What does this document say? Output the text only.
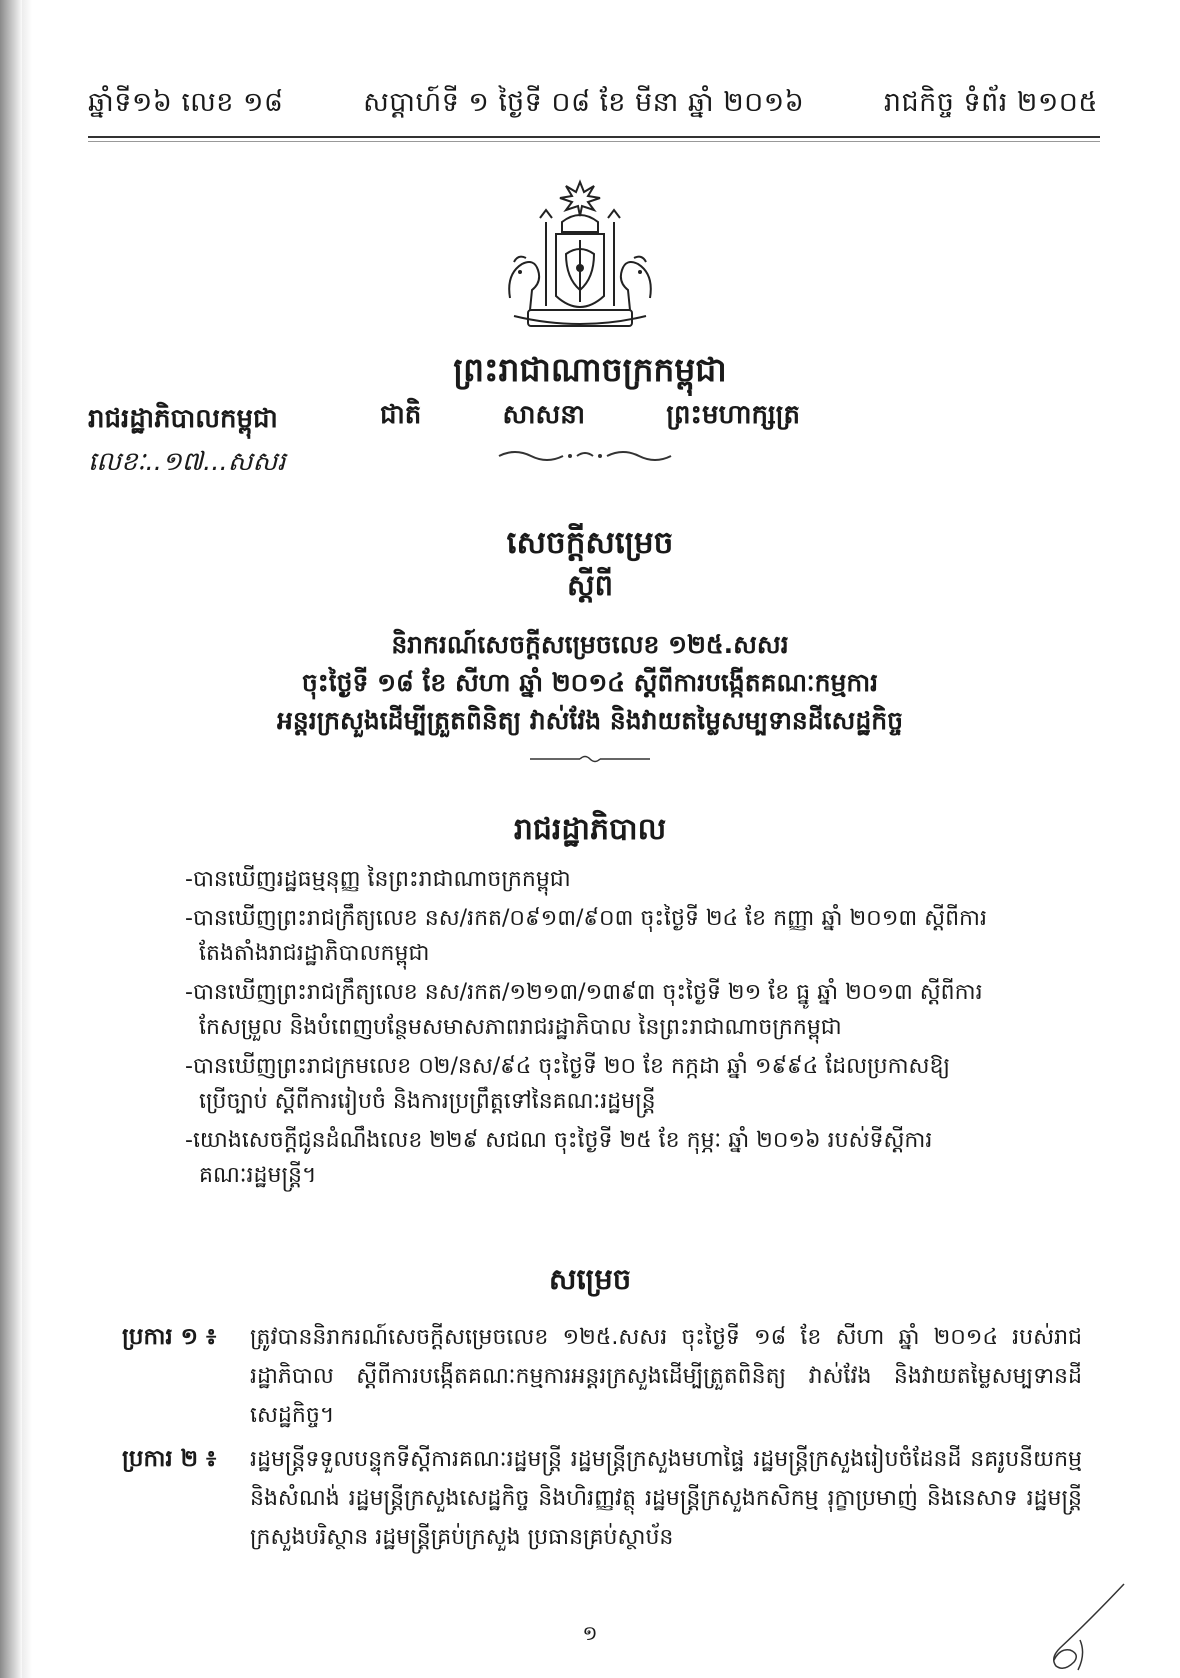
ឆ្នាំទី១៦ លេខ ១៨	សប្តាហ៍ទី ១ ថ្ងៃទី ០៨ ខែ មីនា ឆ្នាំ ២០១៦	រាជកិច្ច ទំព័រ ២១០៥
ព្រះរាជាណាចក្រកម្ពុជា
ជាតិ	សាសនា	ព្រះមហាក្សត្រ
រាជរដ្ឋាភិបាលកម្ពុជា
លេខៈ..១៧...សសរ
សេចក្តីសម្រេច
ស្តីពី
និរាករណ៍សេចក្តីសម្រេចលេខ ១២៥.សសរ
ចុះថ្ងៃទី ១៨ ខែ សីហា ឆ្នាំ ២០១៤ ស្តីពីការបង្កើតគណៈកម្មការ
អន្តរក្រសួងដើម្បីត្រួតពិនិត្យ វាស់វែង និងវាយតម្លៃសម្បទានដីសេដ្ឋកិច្ច
រាជរដ្ឋាភិបាល

-បានឃើញរដ្ឋធម្មនុញ្ញ នៃព្រះរាជាណាចក្រកម្ពុជា

-បានឃើញព្រះរាជក្រឹត្យលេខ នស/រកត/០៩១៣/៩០៣ ចុះថ្ងៃទី ២៤ ខែ កញ្ញា ឆ្នាំ ២០១៣ ស្តីពីការ
តែងតាំងរាជរដ្ឋាភិបាលកម្ពុជា

-បានឃើញព្រះរាជក្រឹត្យលេខ នស/រកត/១២១៣/១៣៩៣ ចុះថ្ងៃទី ២១ ខែ ធ្នូ ឆ្នាំ ២០១៣ ស្តីពីការ
កែសម្រួល និងបំពេញបន្ថែមសមាសភាពរាជរដ្ឋាភិបាល នៃព្រះរាជាណាចក្រកម្ពុជា

-បានឃើញព្រះរាជក្រមលេខ ០២/នស/៩៤ ចុះថ្ងៃទី ២០ ខែ កក្កដា ឆ្នាំ ១៩៩៤ ដែលប្រកាសឱ្យ
ប្រើច្បាប់ ស្តីពីការរៀបចំ និងការប្រព្រឹត្តទៅនៃគណៈរដ្ឋមន្ត្រី

-យោងសេចក្តីជូនដំណឹងលេខ ២២៩ សជណ ចុះថ្ងៃទី ២៥ ខែ កុម្ភៈ ឆ្នាំ ២០១៦ របស់ទីស្តីការ
គណៈរដ្ឋមន្ត្រី។

សម្រេច
ប្រការ ១ ៖ ត្រូវបាននិរាករណ៍សេចក្តីសម្រេចលេខ ១២៥.សសរ ចុះថ្ងៃទី ១៨ ខែ សីហា ឆ្នាំ ២០១៤ របស់រាជរដ្ឋាភិបាល ស្តីពីការបង្កើតគណៈកម្មការអន្តរក្រសួងដើម្បីត្រួតពិនិត្យ វាស់វែង និងវាយតម្លៃសម្បទានដីសេដ្ឋកិច្ច។
ប្រការ ២ ៖ រដ្ឋមន្ត្រីទទួលបន្ទុកទីស្តីការគណៈរដ្ឋមន្ត្រី រដ្ឋមន្ត្រីក្រសួងមហាផ្ទៃ រដ្ឋមន្ត្រីក្រសួងរៀបចំដែនដី នគរូបនីយកម្ម និងសំណង់ រដ្ឋមន្ត្រីក្រសួងសេដ្ឋកិច្ច និងហិរញ្ញវត្ថុ រដ្ឋមន្ត្រីក្រសួងកសិកម្ម រុក្ខាប្រមាញ់ និងនេសាទ រដ្ឋមន្ត្រីក្រសួងបរិស្ថាន រដ្ឋមន្ត្រីគ្រប់ក្រសួង ប្រធានគ្រប់ស្ថាប័ន
១
